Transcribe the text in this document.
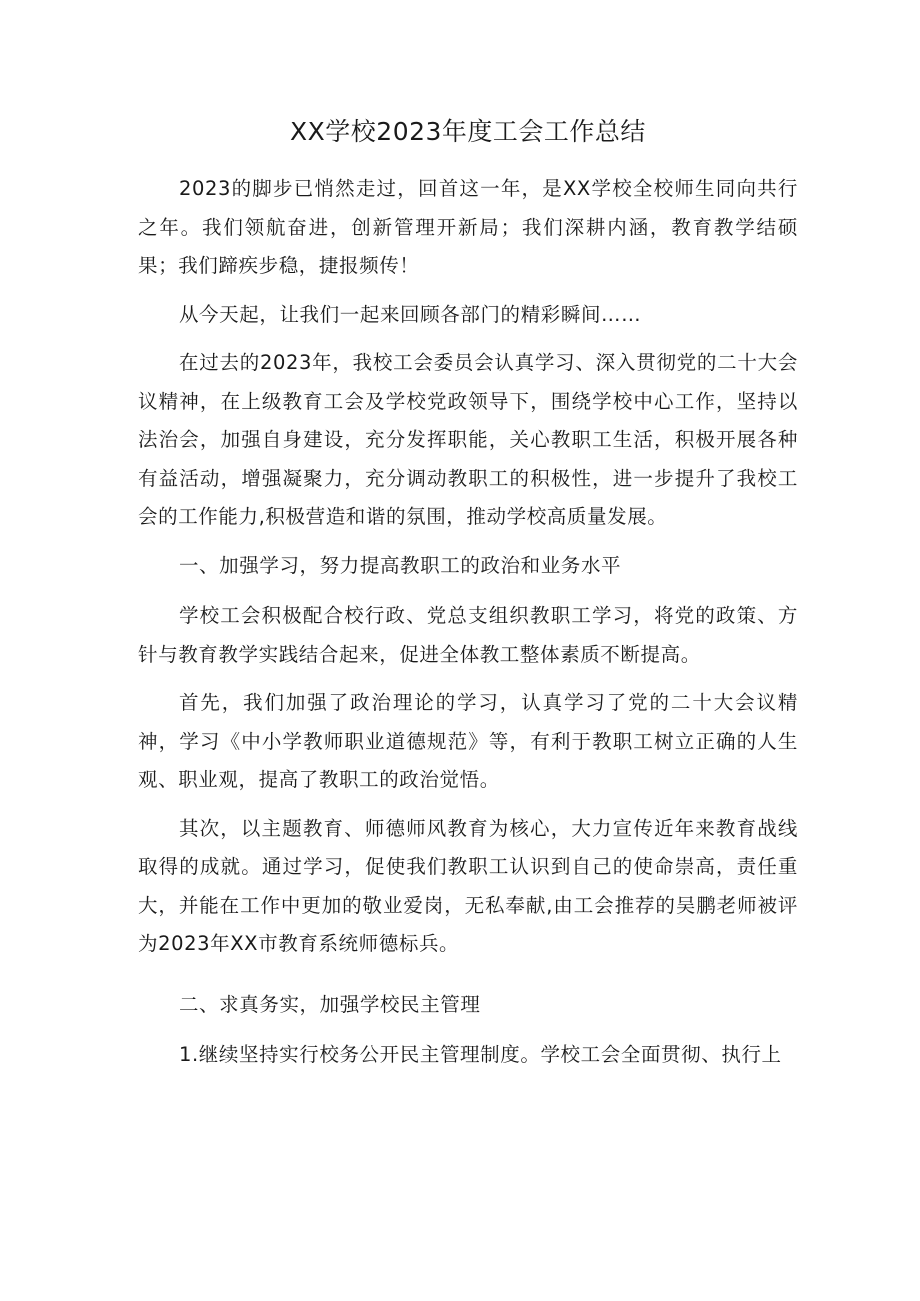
XX学校2023年度工会工作总结

2023的脚步已悄然走过，回首这一年，是XX学校全校师生同向共行之年。我们领航奋进，创新管理开新局；我们深耕内涵，教育教学结硕果；我们蹄疾步稳，捷报频传！

从今天起，让我们一起来回顾各部门的精彩瞬间……

在过去的2023年，我校工会委员会认真学习、深入贯彻党的二十大会议精神，在上级教育工会及学校党政领导下，围绕学校中心工作，坚持以法治会，加强自身建设，充分发挥职能，关心教职工生活，积极开展各种有益活动，增强凝聚力，充分调动教职工的积极性，进一步提升了我校工会的工作能力,积极营造和谐的氛围，推动学校高质量发展。

一、加强学习，努力提高教职工的政治和业务水平

学校工会积极配合校行政、党总支组织教职工学习，将党的政策、方针与教育教学实践结合起来，促进全体教工整体素质不断提高。

首先，我们加强了政治理论的学习，认真学习了党的二十大会议精神，学习《中小学教师职业道德规范》等，有利于教职工树立正确的人生观、职业观，提高了教职工的政治觉悟。

其次，以主题教育、师德师风教育为核心，大力宣传近年来教育战线取得的成就。通过学习，促使我们教职工认识到自己的使命崇高，责任重大，并能在工作中更加的敬业爱岗，无私奉献,由工会推荐的吴鹏老师被评为2023年XX市教育系统师德标兵。

二、求真务实，加强学校民主管理

1.继续坚持实行校务公开民主管理制度。学校工会全面贯彻、执行上
